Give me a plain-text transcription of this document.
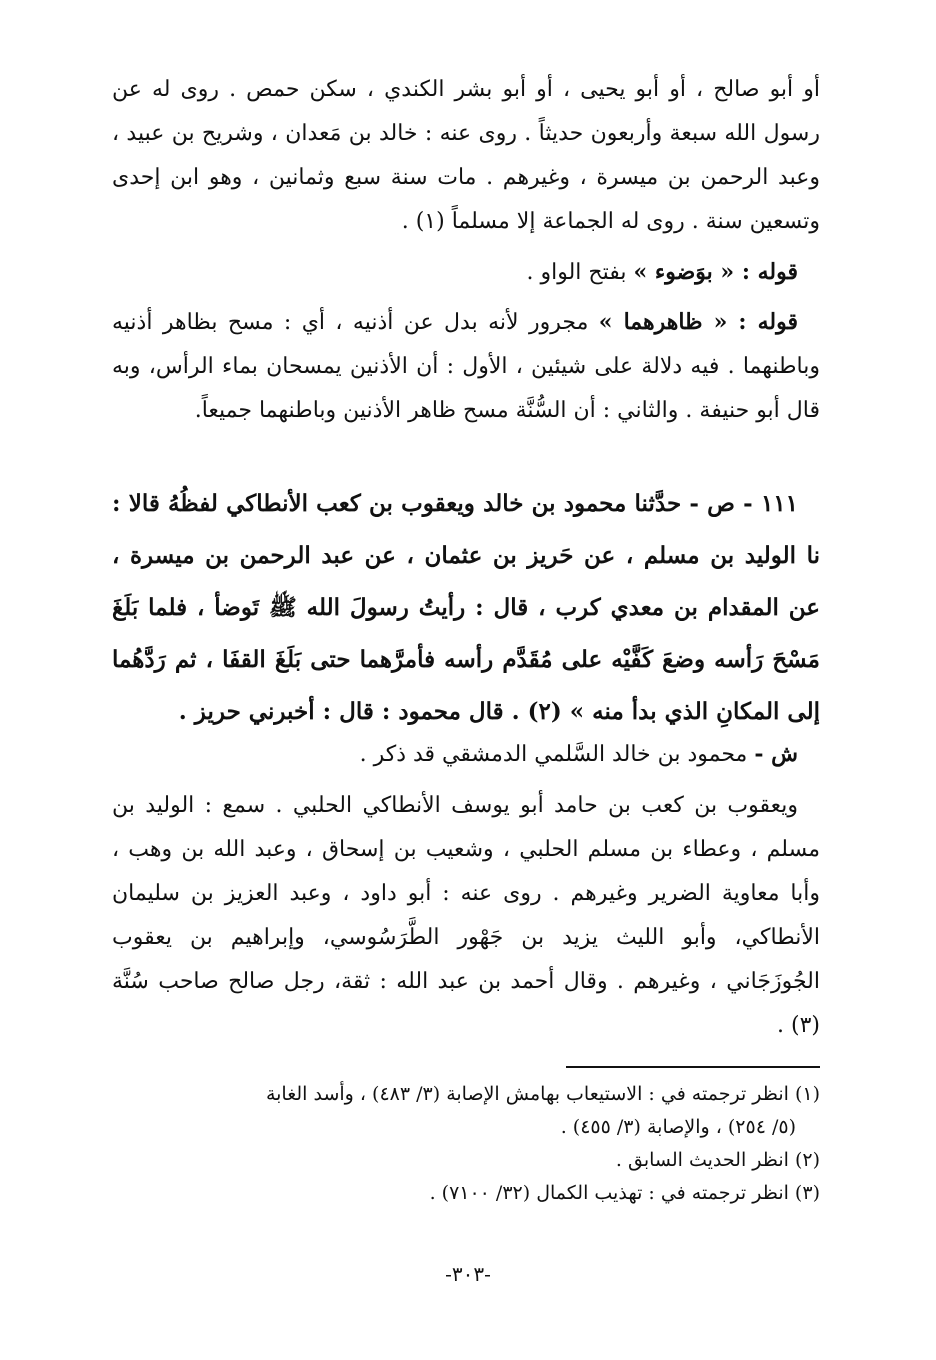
أو أبو صالح ، أو أبو يحيى ، أو أبو بشر الكندي ، سكن حمص . روى له عن رسول الله سبعة وأربعون حديثاً . روى عنه : خالد بن مَعدان ، وشريح بن عبيد ، وعبد الرحمن بن ميسرة ، وغيرهم . مات سنة سبع وثمانين ، وهو ابن إحدى وتسعين سنة . روى له الجماعة إلا مسلماً (١) .

قوله : « بوَضوء » بفتح الواو .

قوله : « ظاهرهما » مجرور لأنه بدل عن أذنيه ، أي : مسح بظاهر أذنيه وباطنهما . فيه دلالة على شيئين ، الأول : أن الأذنين يمسحان بماء الرأس، وبه قال أبو حنيفة . والثاني : أن السُّنَّة مسح ظاهر الأذنين وباطنهما جميعاً.

١١١ - ص - حدَّثنا محمود بن خالد ويعقوب بن كعب الأنطاكي لفظُهُ قالا : نا الوليد بن مسلم ، عن حَريز بن عثمان ، عن عبد الرحمن بن ميسرة ، عن المقدام بن معدي كرب ، قال : رأيتُ رسولَ الله ﷺ تَوضأ ، فلما بَلَغَ مَسْحَ رَأسه وضعَ كَفَّيْه على مُقَدَّم رأسه فأمرَّهما حتى بَلَغَ القفَا ، ثم رَدَّهُما إلى المكانِ الذي بدأ منه » (٢) . قال محمود : قال : أخبرني حريز .

ش - محمود بن خالد السَّلمي الدمشقي قد ذكر .

ويعقوب بن كعب بن حامد أبو يوسف الأنطاكي الحلبي . سمع : الوليد بن مسلم ، وعطاء بن مسلم الحلبي ، وشعيب بن إسحاق ، وعبد الله بن وهب ، وأبا معاوية الضرير وغيرهم . روى عنه : أبو داود ، وعبد العزيز بن سليمان الأنطاكي، وأبو الليث يزيد بن جَهْور الطَّرَسُوسي، وإبراهيم بن يعقوب الجُوزَجَاني ، وغيرهم . وقال أحمد بن عبد الله : ثقة، رجل صالح صاحب سُنَّة (٣) .

(١) انظر ترجمته في : الاستيعاب بهامش الإصابة (٣/ ٤٨٣) ، وأسد الغابة

(٥/ ٢٥٤) ، والإصابة (٣/ ٤٥٥) .

(٢) انظر الحديث السابق .

(٣) انظر ترجمته في : تهذيب الكمال (٣٢/ ٧١٠٠) .

-٣٠٣-
